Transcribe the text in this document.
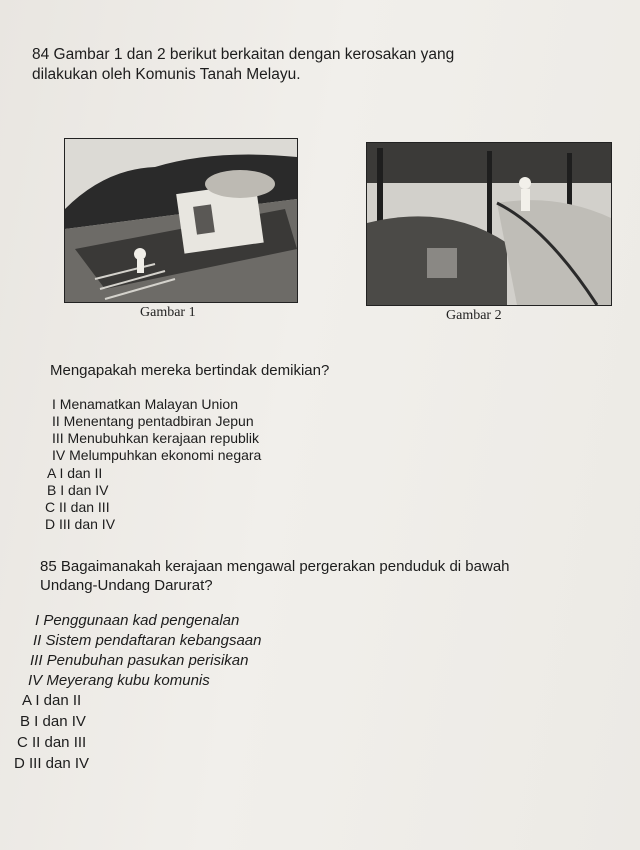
84 Gambar 1 dan 2 berikut berkaitan dengan kerosakan yang
dilakukan oleh Komunis Tanah Melayu.
Gambar 1	Gambar 2
Mengapakah mereka bertindak demikian?
I Menamatkan Malayan Union
II Menentang pentadbiran Jepun
III Menubuhkan kerajaan republik
IV Melumpuhkan ekonomi negara
A I dan II
B I dan IV
C II dan III
D III dan IV
85 Bagaimanakah kerajaan mengawal pergerakan penduduk di bawah
Undang-Undang Darurat?
I Penggunaan kad pengenalan
II Sistem pendaftaran kebangsaan
III Penubuhan pasukan perisikan
IV Meyerang kubu komunis
A I dan II
B I dan IV
C II dan III
D III dan IV
